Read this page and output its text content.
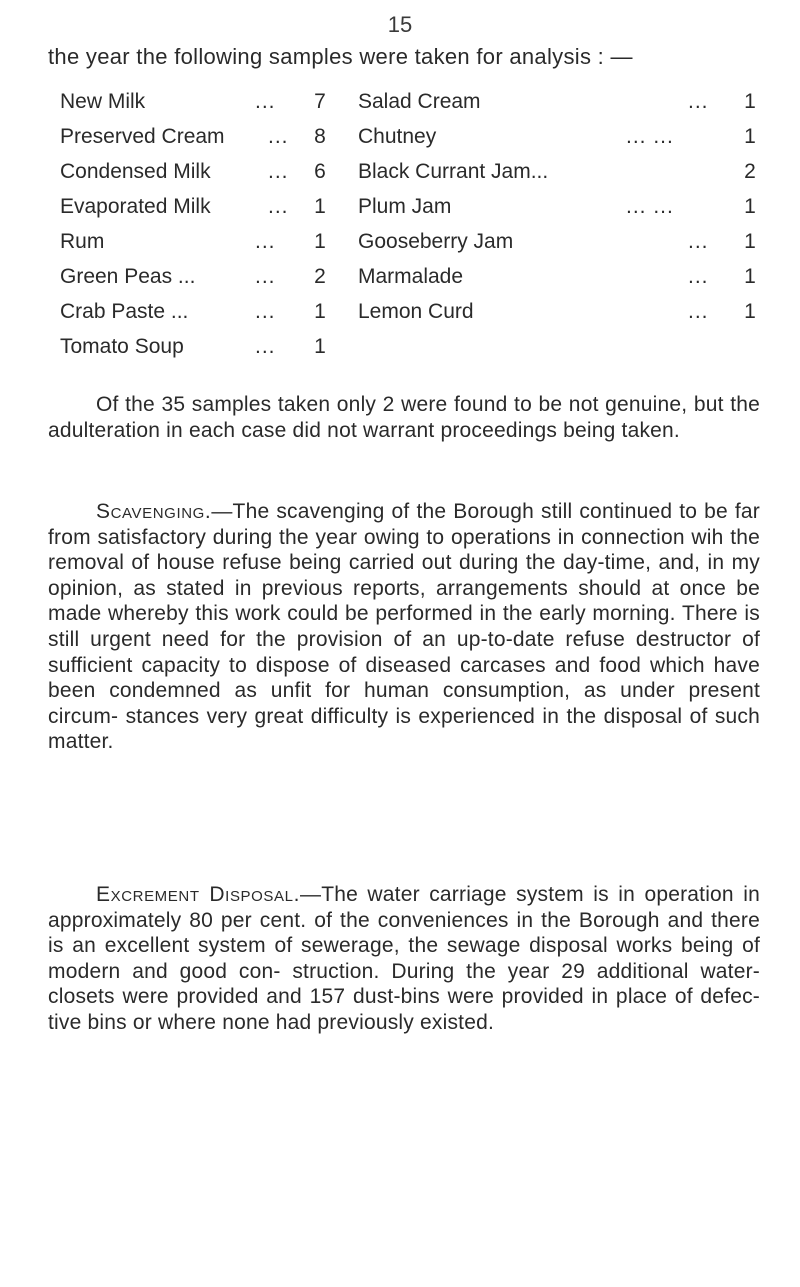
15
the year the following samples were taken for analysis : —
New Milk	... 7
Preserved Cream ... 8
Condensed Milk	... 6
Evaporated Milk	... 1
Rum	... 1
Green Peas ...	... 2
Crab Paste ...	... 1
Tomato Soup	... 1
Salad Cream	... 1
Chutney	... ...	1
Black Currant Jam...	2
Plum Jam	... ...	1
Gooseberry Jam	... 1
Marmalade	... 1
Lemon Curd	... 1
Of the 35 samples taken only 2 were found to be not genuine, but the adulteration in each case did not warrant proceedings being taken.
Scavenging.—The scavenging of the Borough still continued to be far from satisfactory during the year owing to operations in connection wih the removal of house refuse being carried out during the day-time, and, in my opinion, as stated in previous reports, arrangements should at once be made whereby this work could be performed in the early morning. There is still urgent need for the provision of an up-to-date refuse destructor of sufficient capacity to dispose of diseased carcases and food which have been condemned as unfit for human consumption, as under present circum- stances very great difficulty is experienced in the disposal of such matter.
Excrement Disposal.—The water carriage system is in operation in approximately 80 per cent. of the conveniences in the Borough and there is an excellent system of sewerage, the sewage disposal works being of modern and good con- struction. During the year 29 additional water-closets were provided and 157 dust-bins were provided in place of defec- tive bins or where none had previously existed.
